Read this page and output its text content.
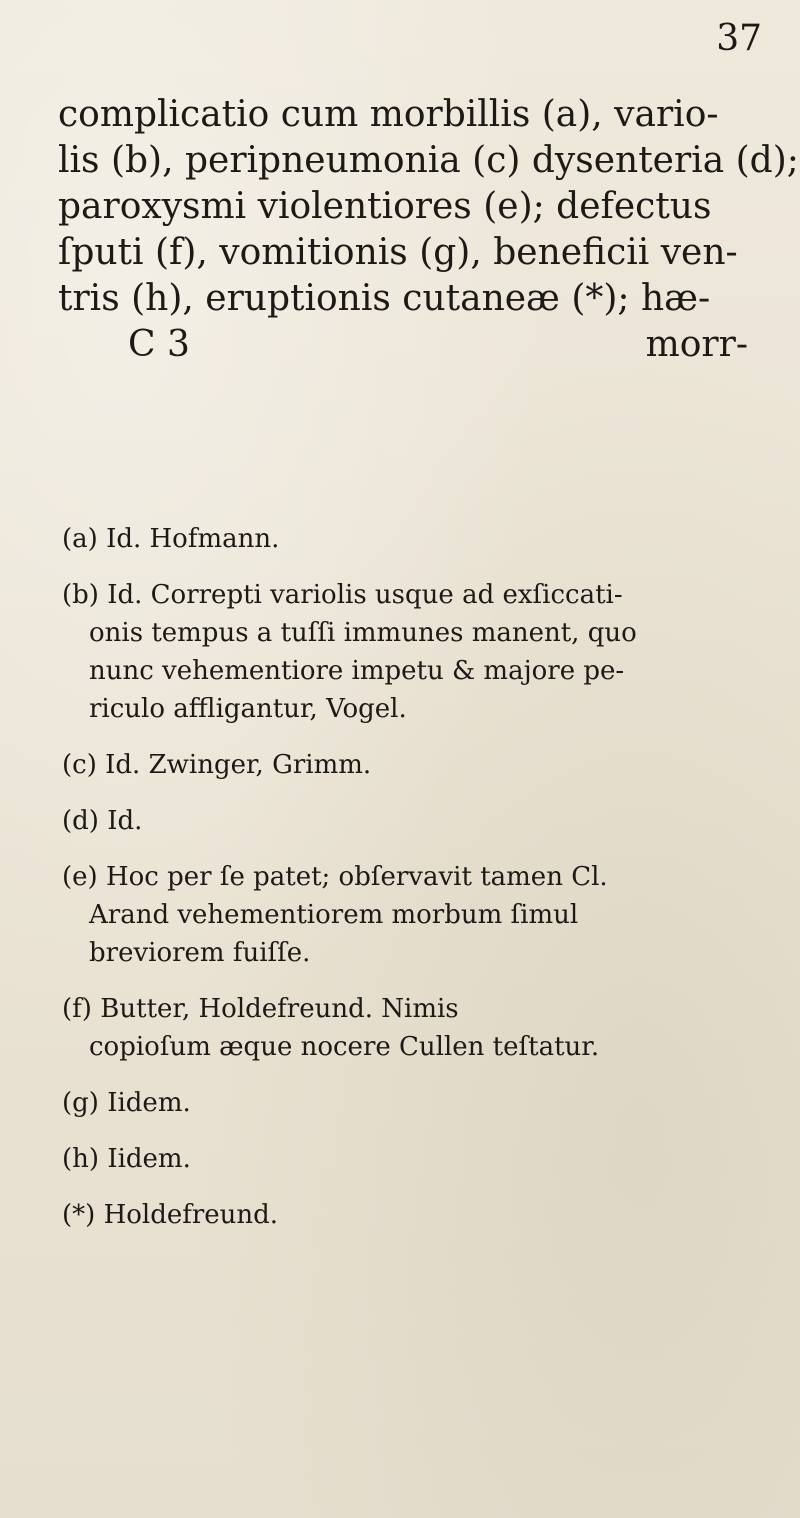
37
complicatio cum morbillis (a), vario-
lis (b), peripneumonia (c) dysenteria (d);
paroxysmi violentiores (e); defectus
ſputi (f), vomitionis (g), beneficii ven-
tris (h), eruptionis cutaneæ (*); hæ-
C 3	morr-
(a) Id. Hofmann.
(b) Id. Correpti variolis usque ad exſiccati-
onis tempus a tuſſi immunes manent, quo
nunc vehementiore impetu & majore pe-
riculo affligantur, Vogel.
(c) Id. Zwinger, Grimm.
(d) Id.
(e) Hoc per ſe patet; obſervavit tamen Cl.
Arand vehementiorem morbum ſimul
breviorem fuiſſe.
(f) Butter, Holdefreund. Nimis
copioſum æque nocere Cullen teſtatur.
(g) Iidem.
(h) Iidem.
(*) Holdefreund.
